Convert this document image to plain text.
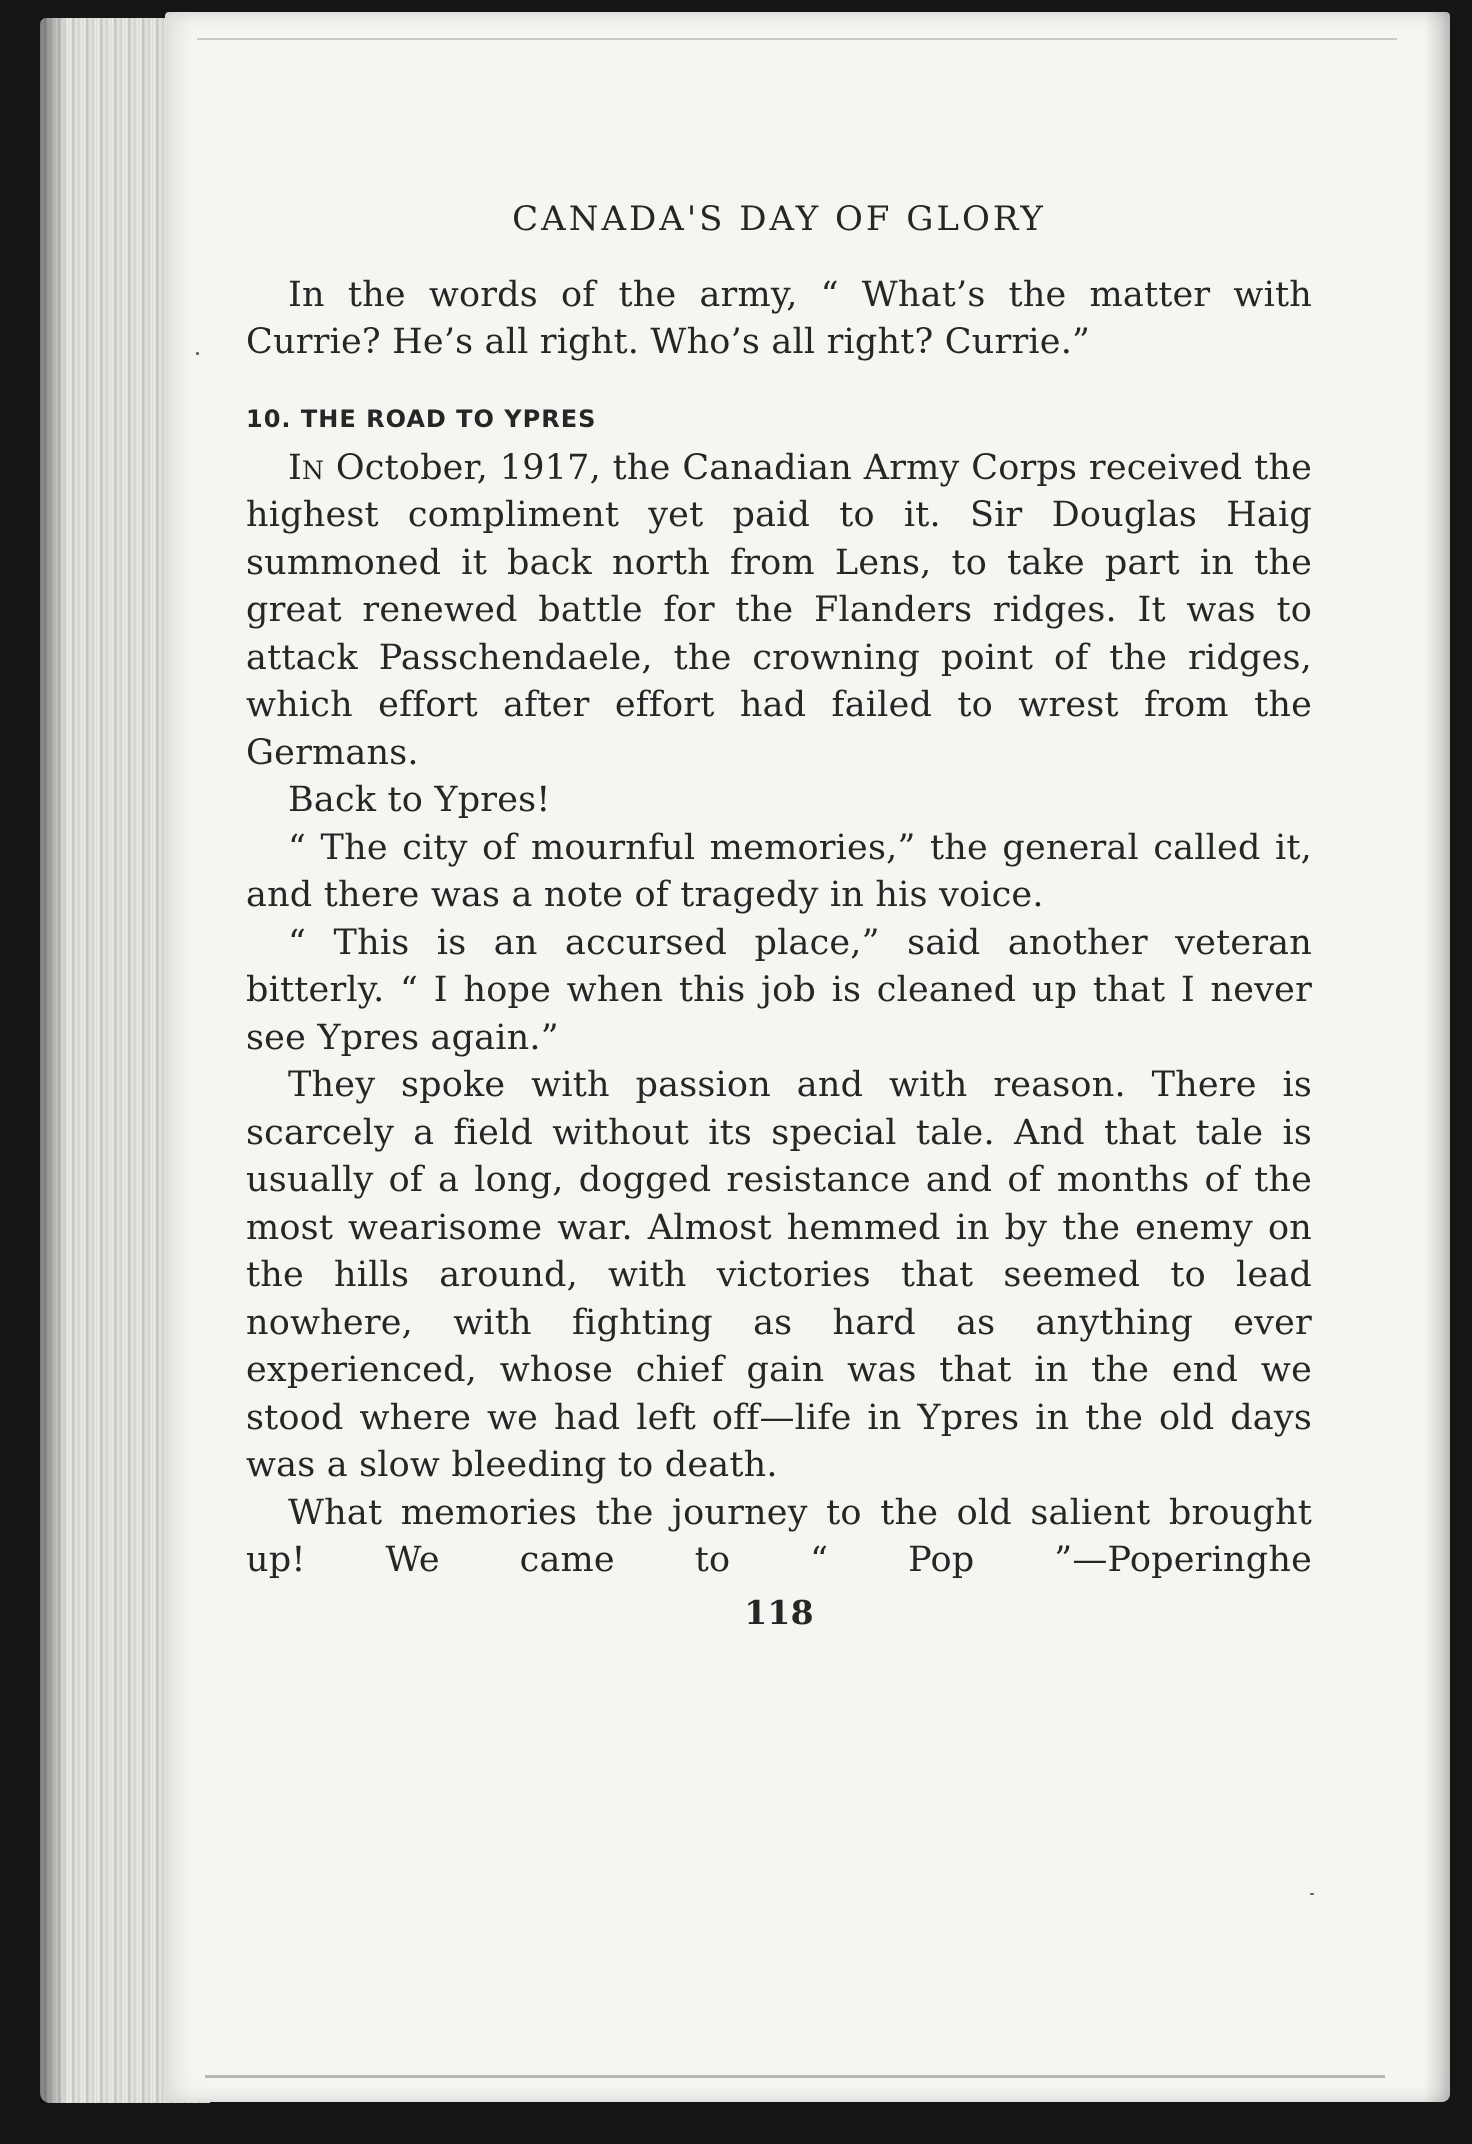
CANADA'S DAY OF GLORY

In the words of the army, “ What’s the matter with Currie? He’s all right. Who’s all right? Currie.”

10. THE ROAD TO YPRES

In October, 1917, the Canadian Army Corps received the highest compliment yet paid to it. Sir Douglas Haig summoned it back north from Lens, to take part in the great renewed battle for the Flanders ridges. It was to attack Passchendaele, the crowning point of the ridges, which effort after effort had failed to wrest from the Germans.

Back to Ypres!

“ The city of mournful memories,” the general called it, and there was a note of tragedy in his voice.

“ This is an accursed place,” said another veteran bitterly. “ I hope when this job is cleaned up that I never see Ypres again.”

They spoke with passion and with reason. There is scarcely a field without its special tale. And that tale is usually of a long, dogged resistance and of months of the most wearisome war. Almost hemmed in by the enemy on the hills around, with victories that seemed to lead nowhere, with fighting as hard as anything ever experienced, whose chief gain was that in the end we stood where we had left off—life in Ypres in the old days was a slow bleeding to death.

What memories the journey to the old salient brought up! We came to “ Pop ”—Poperinghe

118
